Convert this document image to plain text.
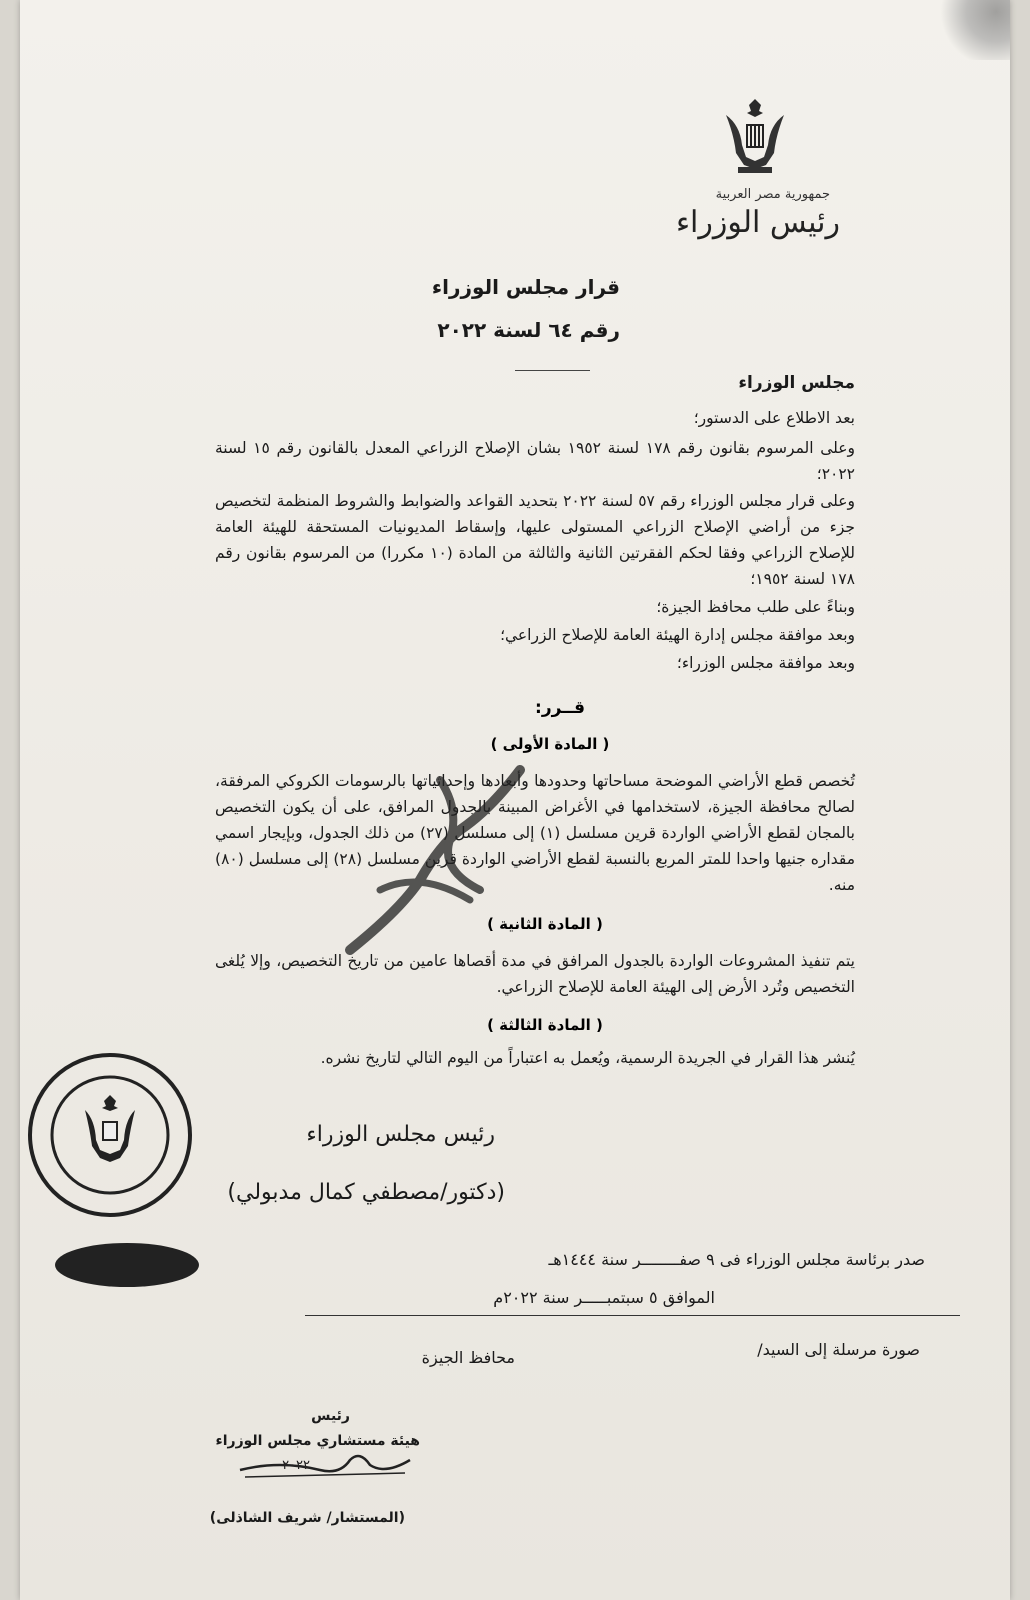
جمهورية مصر العربية
رئيس الوزراء
قرار مجلس الوزراء
رقم ٦٤ لسنة ٢٠٢٢
مجلس الوزراء
بعد الاطلاع على الدستور؛
وعلى المرسوم بقانون رقم ١٧٨ لسنة ١٩٥٢ بشان الإصلاح الزراعي المعدل بالقانون رقم ١٥ لسنة ٢٠٢٢؛
وعلى قرار مجلس الوزراء رقم ٥٧ لسنة ٢٠٢٢ بتحديد القواعد والضوابط والشروط المنظمة لتخصيص جزء من أراضي الإصلاح الزراعي المستولى عليها، وإسقاط المديونيات المستحقة للهيئة العامة للإصلاح الزراعي وفقا لحكم الفقرتين الثانية والثالثة من المادة (١٠ مكررا) من المرسوم بقانون رقم ١٧٨ لسنة ١٩٥٢؛
وبناءً على طلب محافظ الجيزة؛
وبعد موافقة مجلس إدارة الهيئة العامة للإصلاح الزراعي؛
وبعد موافقة مجلس الوزراء؛
قــرر:
( المادة الأولى )
تُخصص قطع الأراضي الموضحة مساحاتها وحدودها وأبعادها وإحداثياتها بالرسومات الكروكي المرفقة، لصالح محافظة الجيزة، لاستخدامها في الأغراض المبينة بالجدول المرافق، على أن يكون التخصيص بالمجان لقطع الأراضي الواردة قرين مسلسل (١) إلى مسلسل (٢٧) من ذلك الجدول، وبإيجار اسمي مقداره جنيها واحدا للمتر المربع بالنسبة لقطع الأراضي الواردة قرين مسلسل (٢٨) إلى مسلسل (٨٠) منه.
( المادة الثانية )
يتم تنفيذ المشروعات الواردة بالجدول المرافق في مدة أقصاها عامين من تاريخ التخصيص، وإلا يُلغى التخصيص وتُرد الأرض إلى الهيئة العامة للإصلاح الزراعي.
( المادة الثالثة )
يُنشر هذا القرار في الجريدة الرسمية، ويُعمل به اعتباراً من اليوم التالي لتاريخ نشره.
رئيس مجلس الوزراء
(دكتور/مصطفي كمال مدبولي)
صدر برئاسة مجلس الوزراء فى ٩ صفــــــــر سنة ١٤٤٤هـ
الموافق ٥ سبتمبـــــر سنة ٢٠٢٢م
صورة مرسلة إلى السيد/
محافظ الجيزة
رئيس
هيئة مستشاري مجلس الوزراء
٢٠٢٢
(المستشار/ شريف الشاذلى)
